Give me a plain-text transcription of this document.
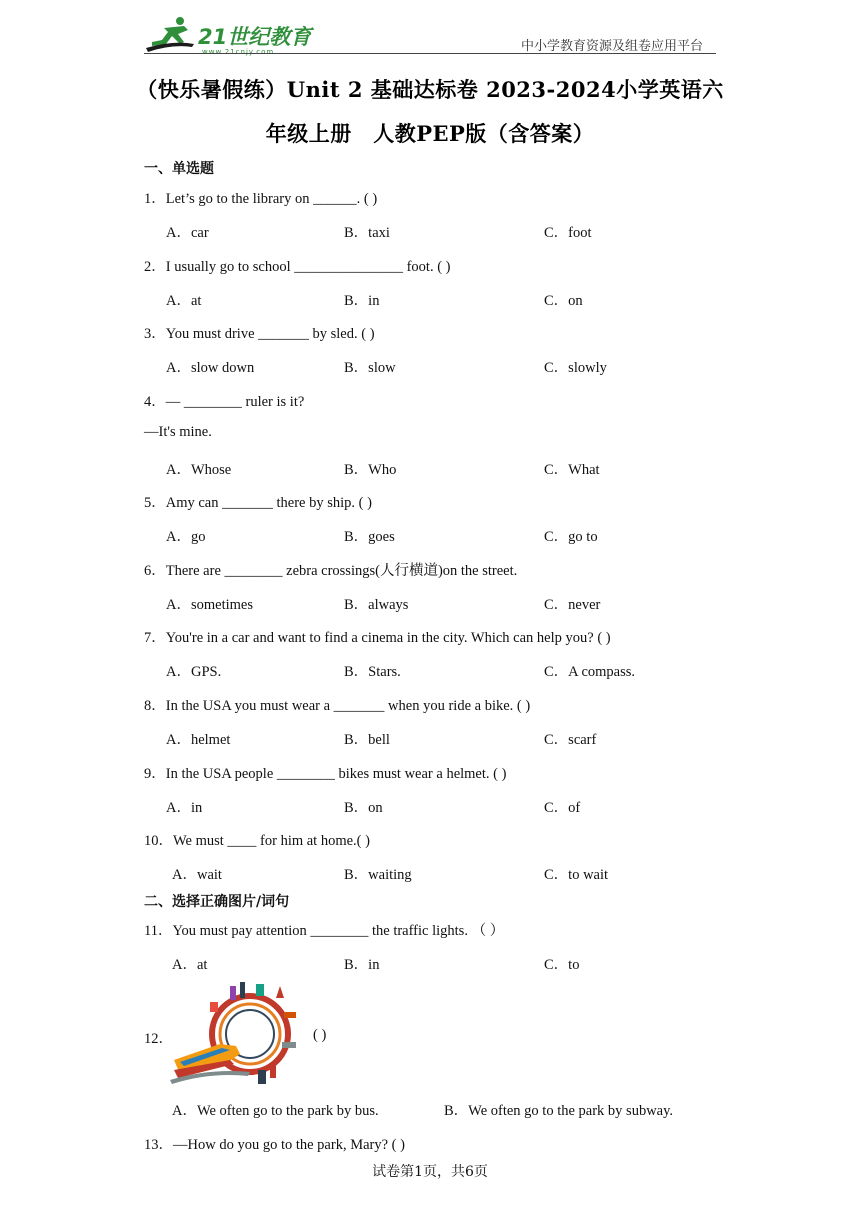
21世纪教育
www.21cnjy.com	中小学教育资源及组卷应用平台
（快乐暑假练）Unit 2 基础达标卷 2023-2024小学英语六
年级上册　人教PEP版（含答案）
一、单选题
1．Let’s go to the library on ______. ( )
A．car	B．taxi	C．foot
2．I usually go to school _______________ foot. ( )
A．at	B．in	C．on
3．You must drive _______ by sled. ( )
A．slow down	B．slow	C．slowly
4．— ________ ruler is it?
—It's mine.
A．Whose	B．Who	C．What
5．Amy can _______ there by ship. ( )
A．go	B．goes	C．go to
6．There are ________ zebra crossings(人行横道)on the street.
A．sometimes	B．always	C．never
7．You're in a car and want to find a cinema in the city. Which can help you? ( )
A．GPS.	B．Stars.	C．A compass.
8．In the USA you must wear a _______ when you ride a bike. ( )
A．helmet	B．bell	C．scarf
9．In the USA people ________ bikes must wear a helmet. ( )
A．in	B．on	C．of
10．We must ____ for him at home.( )
A．wait	B．waiting	C．to wait
二、选择正确图片/词句
11．You must pay attention ________ the traffic lights. （ ）
A．at	B．in	C．to
12．	( )
A．We often go to the park by bus.	B．We often go to the park by subway.
13．—How do you go to the park, Mary? ( )
试卷第1页，共6页
